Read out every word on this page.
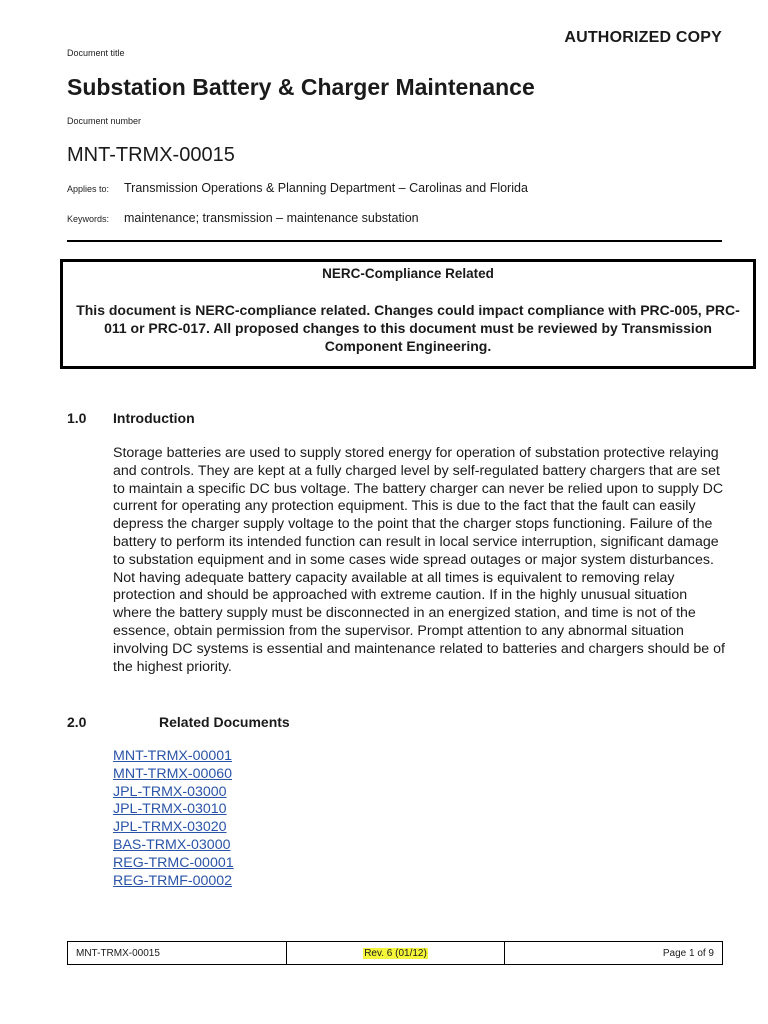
AUTHORIZED COPY
Document title
Substation Battery & Charger Maintenance
Document number
MNT-TRMX-00015
Applies to: Transmission Operations & Planning Department – Carolinas and Florida
Keywords: maintenance; transmission – maintenance substation
NERC-Compliance Related
This document is NERC-compliance related. Changes could impact compliance with PRC-005, PRC-011 or PRC-017. All proposed changes to this document must be reviewed by Transmission Component Engineering.
1.0 Introduction
Storage batteries are used to supply stored energy for operation of substation protective relaying and controls. They are kept at a fully charged level by self-regulated battery chargers that are set to maintain a specific DC bus voltage. The battery charger can never be relied upon to supply DC current for operating any protection equipment. This is due to the fact that the fault can easily depress the charger supply voltage to the point that the charger stops functioning. Failure of the battery to perform its intended function can result in local service interruption, significant damage to substation equipment and in some cases wide spread outages or major system disturbances. Not having adequate battery capacity available at all times is equivalent to removing relay protection and should be approached with extreme caution. If in the highly unusual situation where the battery supply must be disconnected in an energized station, and time is not of the essence, obtain permission from the supervisor. Prompt attention to any abnormal situation involving DC systems is essential and maintenance related to batteries and chargers should be of the highest priority.
2.0	Related Documents
MNT-TRMX-00001
MNT-TRMX-00060
JPL-TRMX-03000
JPL-TRMX-03010
JPL-TRMX-03020
BAS-TRMX-03000
REG-TRMC-00001
REG-TRMF-00002
MNT-TRMX-00015	Rev. 6 (01/12)	Page 1 of 9
